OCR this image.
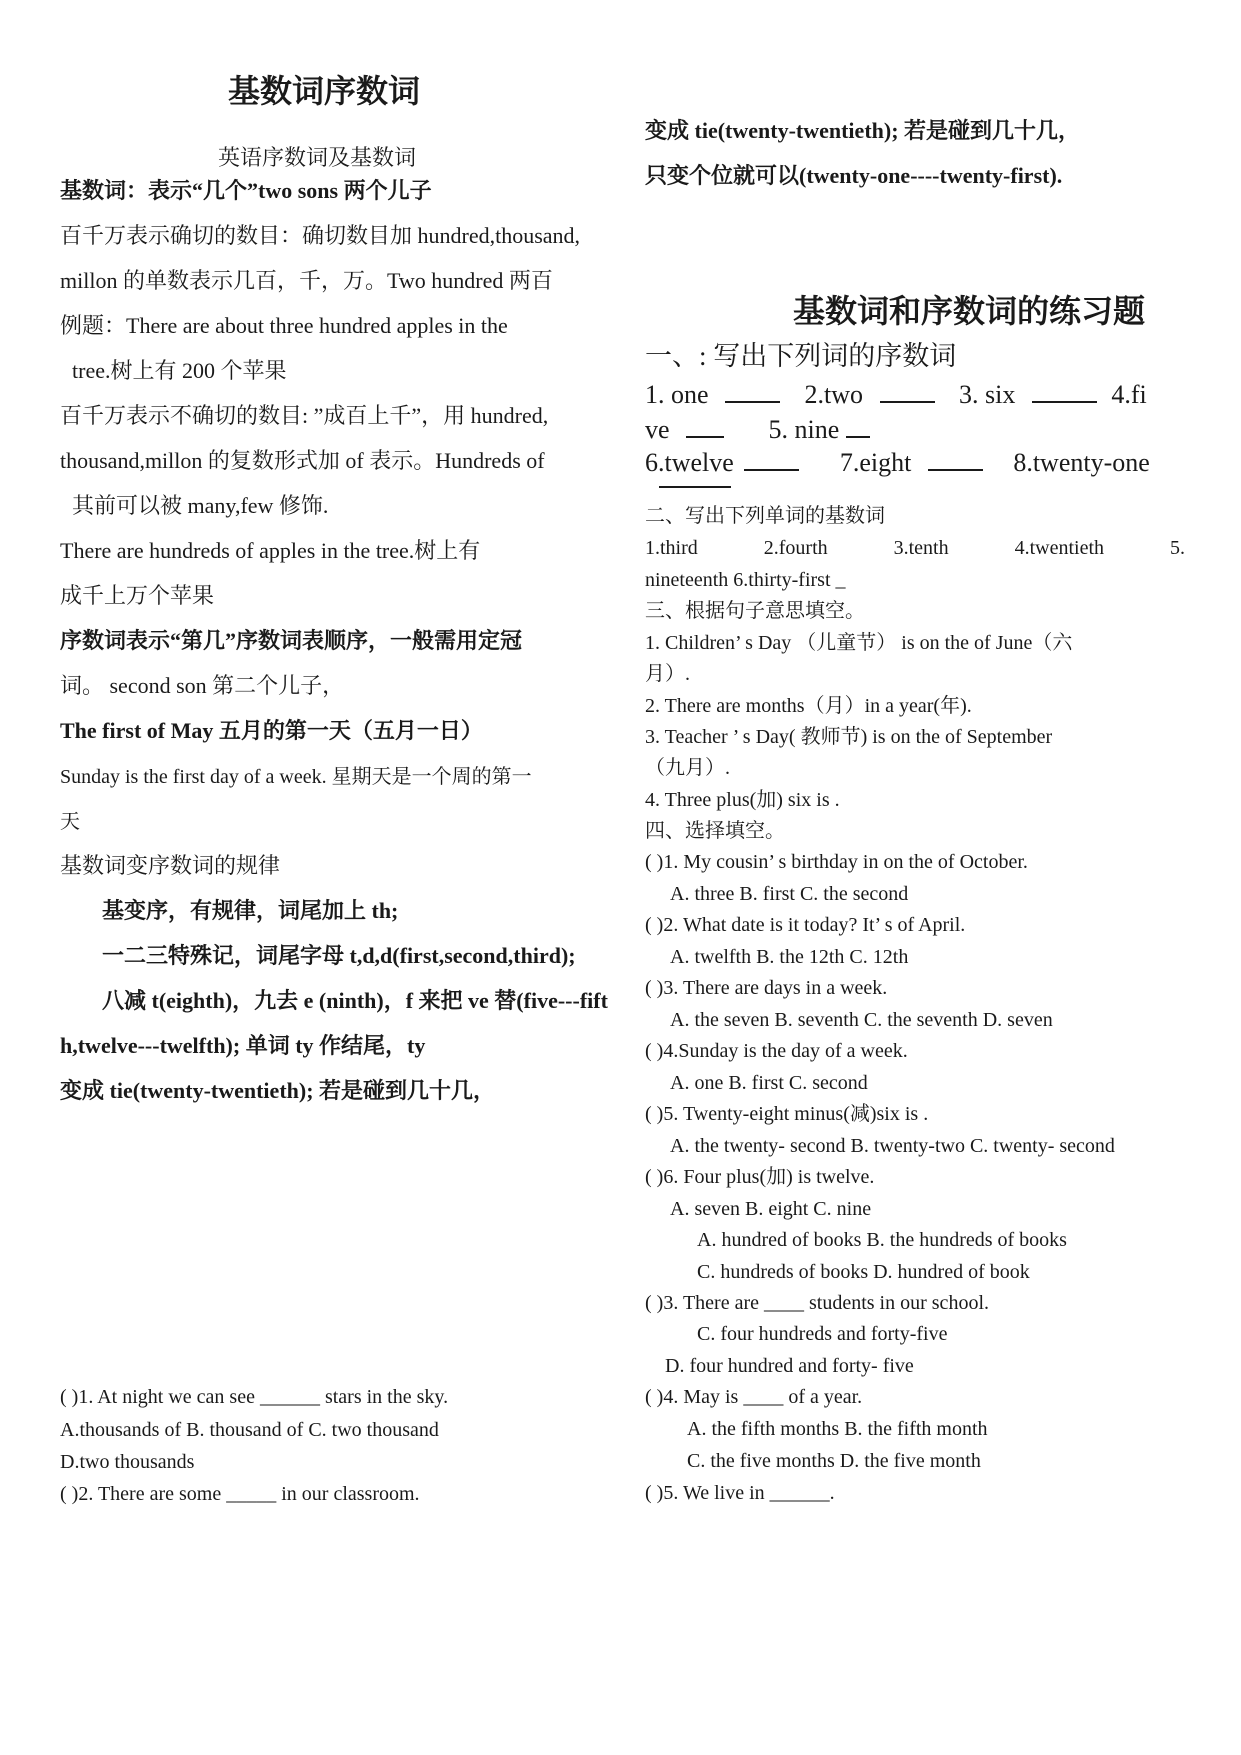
基数词序数词
英语序数词及基数词
基数词：表示“几个”two sons 两个儿子
百千万表示确切的数目：确切数目加 hundred,thousand,
millon 的单数表示几百，千，万。Two hundred 两百
例题：There are about three hundred apples in the
tree.树上有 200 个苹果
百千万表示不确切的数目: ”成百上千”，用 hundred,
thousand,millon 的复数形式加 of 表示。Hundreds of
其前可以被 many,few 修饰.
There are hundreds of apples in the tree.树上有
成千上万个苹果
序数词表示“第几”序数词表顺序，一般需用定冠
词。 second son 第二个儿子，
The first of May 五月的第一天（五月一日）
Sunday is the first day of a week. 星期天是一个周的第一
天
基数词变序数词的规律
基变序，有规律，词尾加上 th;
一二三特殊记，词尾字母 t,d,d(first,second,third);
八减 t(eighth)，九去 e (ninth)，f 来把 ve 替(five---fift
h,twelve---twelfth); 单词 ty 作结尾，ty
变成 tie(twenty-twentieth); 若是碰到几十几，
( )1. At night we can see ______ stars in the sky.
A.thousands of B. thousand of C. two thousand
D.two thousands
( )2. There are some _____ in our classroom.
变成 tie(twenty-twentieth); 若是碰到几十几，
只变个位就可以(twenty-one----twenty-first).
基数词和序数词的练习题
一、: 写出下列词的序数词
1. one	2.two	3. six	4.fi
ve	5. nine
6.twelve	7.eight	8.twenty-one
二、写出下列单词的基数词
1.third	2.fourth	3.tenth	4.twentieth	5.
nineteenth 6.thirty-first _
三、根据句子意思填空。
1. Children’ s Day （儿童节） is on the of June（六
月）.
2. There are months（月）in a year(年).
3. Teacher ’ s Day( 教师节) is on the of September
（九月）.
4. Three plus(加) six is .
四、选择填空。
( )1. My cousin’ s birthday in on the of October.
A. three B. first C. the second
( )2. What date is it today? It’ s of April.
A. twelfth B. the 12th C. 12th
( )3. There are days in a week.
A. the seven B. seventh C. the seventh D. seven
( )4.Sunday is the day of a week.
A. one B. first C. second
( )5. Twenty-eight minus(减)six is .
A. the twenty- second B. twenty-two C. twenty- second
( )6. Four plus(加) is twelve.
A. seven B. eight C. nine
A. hundred of books B. the hundreds of books
C. hundreds of books D. hundred of book
( )3. There are ____ students in our school.
C. four hundreds and forty-five
D. four hundred and forty- five
( )4. May is ____ of a year.
A. the fifth months B. the fifth month
C. the five months D. the five month
( )5. We live in ______.
